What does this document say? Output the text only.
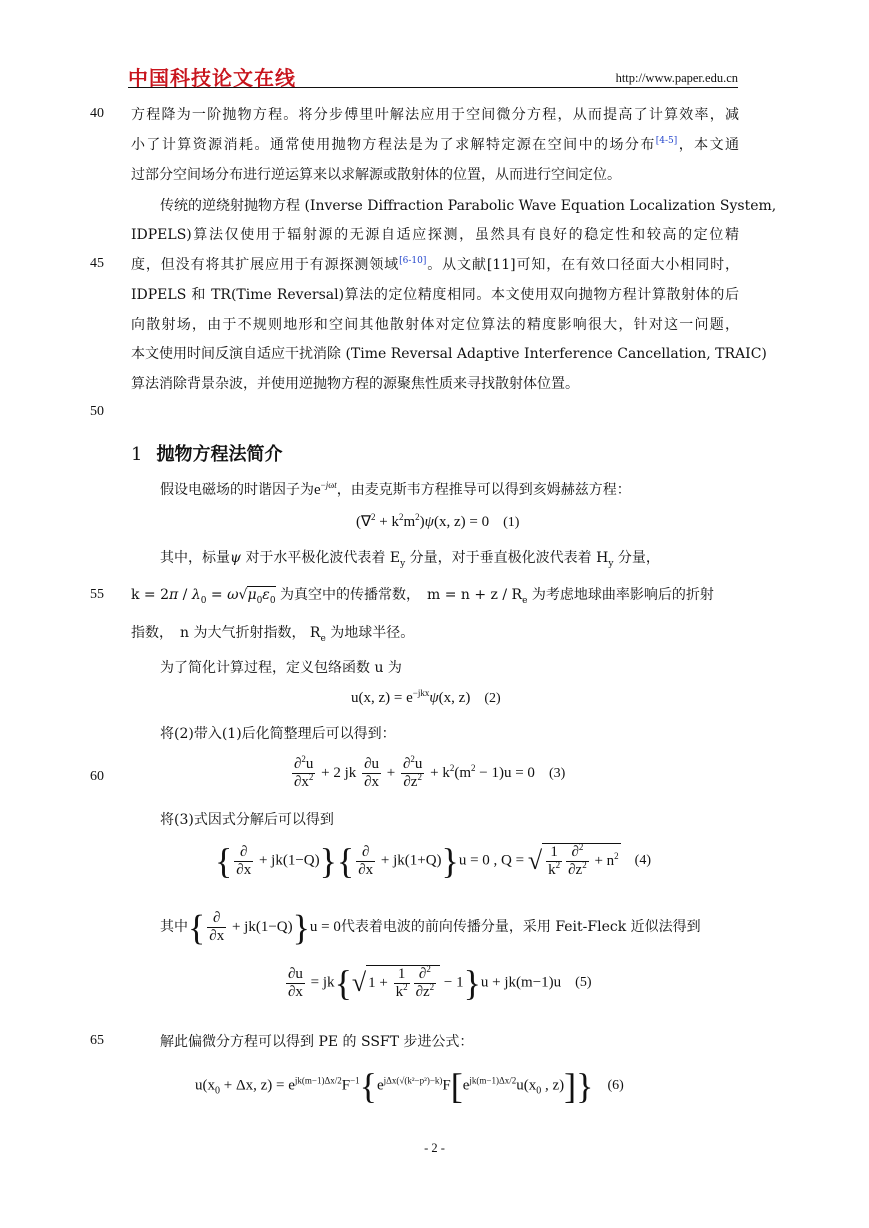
中国科技论文在线	http://www.paper.edu.cn
40
45
50
55
60
65
方程降为一阶抛物方程。将分步傅里叶解法应用于空间微分方程，从而提高了计算效率，减
小了计算资源消耗。通常使用抛物方程法是为了求解特定源在空间中的场分布[4-5]，本文通
过部分空间场分布进行逆运算来以求解源或散射体的位置，从而进行空间定位。
传统的逆绕射抛物方程 (Inverse Diffraction Parabolic Wave Equation Localization System,
IDPELS)算法仅使用于辐射源的无源自适应探测，虽然具有良好的稳定性和较高的定位精
度，但没有将其扩展应用于有源探测领域[6-10]。从文献[11]可知，在有效口径面大小相同时，
IDPELS 和 TR(Time Reversal)算法的定位精度相同。本文使用双向抛物方程计算散射体的后
向散射场，由于不规则地形和空间其他散射体对定位算法的精度影响很大，针对这一问题，
本文使用时间反演自适应干扰消除 (Time Reversal Adaptive Interference Cancellation, TRAIC)
算法消除背景杂波，并使用逆抛物方程的源聚焦性质来寻找散射体位置。
1 抛物方程法简介
假设电磁场的时谐因子为$e^{-j\omega t}$，由麦克斯韦方程推导可以得到亥姆赫兹方程：
$(\nabla^2 + k^2m^2)\psi(x$, z) = 0 (1)
其中，标量ψ 对于水平极化波代表着 $E_y$ 分量，对于垂直极化波代表着 $H_y$ 分量，
$k = 2\pi / \lambda_0 = \omega√\mu_0\varepsilon_0$ 为真空中的传播常数，　$m = n + z / R_e$ 为考虑地球曲率影响后的折射
指数，　n 为大气折射指数， $R_e$ 为地球半径。
为了简化计算过程，定义包络函数 u 为
u(x, $z) = e^{-jkx}\psi(x$, z) (2)
将(2)带入(1)后化简整理后可以得到：
$\frac{\partial^2u}{\partial x^2} + 2$ jk $\frac{\partial u}{\partial x} + \frac{\partial^2u}{\partial z^2} + k^2(m^2 - 1)u = 0$ (3)
将(3)式因式分解后可以得到
{ $\frac{\partial}{\partial x} + jk(1-Q)\}\{ \frac{\partial}{\partial x} + jk(1+Q)\}u = 0$ , Q = √ $\frac{1}{k^2} \frac{\partial^2}{\partial z^2} + n^2$ (4)
其中{ $\frac{\partial}{\partial x} + jk(1-Q)\}u = 0$代表着电波的前向传播分量，采用 Feit-Fleck 近似法得到
$\frac{\partial u}{\partial x} = jk\{√$ $1 + \frac{1}{k^2} \frac{\partial^2}{\partial z^2} - 1\}u + jk(m-1)u$ (5)
解此偏微分方程可以得到 PE 的 SSFT 步进公式：
$u(x_0 + \Delta x$, $z) = e^{jk(m-1)\Delta x/2}F^{-1}\{e^{j\Delta x(√(k^2-p^2)-k)}F[e^{jk(m-1)\Delta x/2}u(x_0$ , z)]} (6)
- 2 -
